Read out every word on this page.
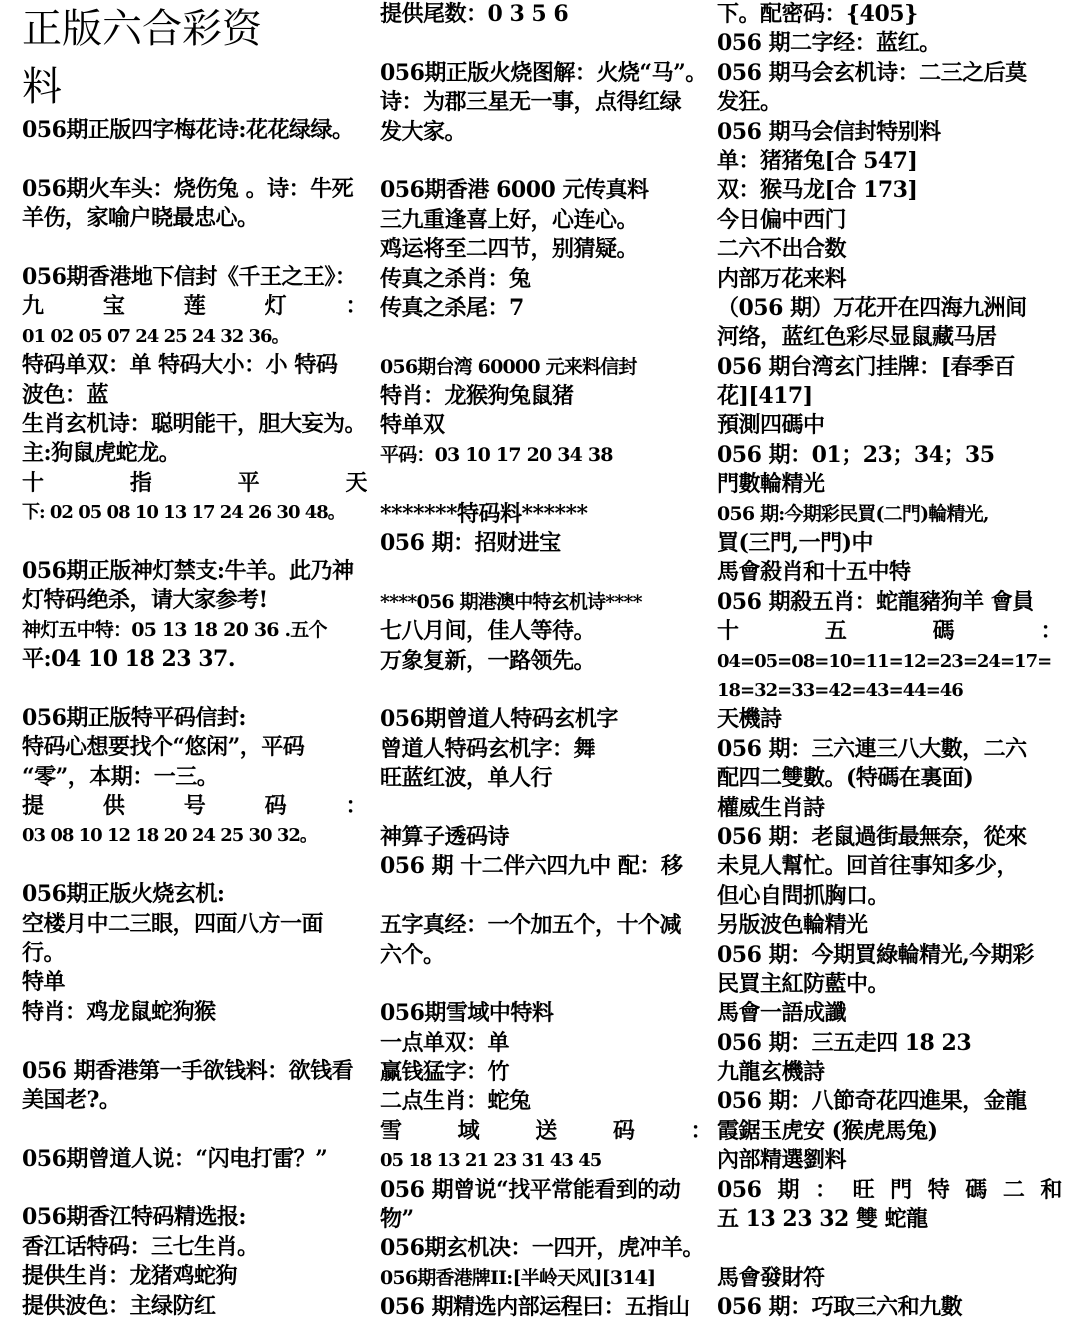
正版六合彩资
料
056期正版四字梅花诗:花花绿绿。
056期火车头：烧伤兔 。诗：牛死
羊伤，家喻户晓最忠心。
056期香港地下信封《千王之王》：
九	宝	莲	灯	：
01 02 05 07 24 25 24 32 36。
特码单双：单 特码大小：小 特码
波色：蓝
生肖玄机诗：聪明能干，胆大妄为。
主:狗鼠虎蛇龙。
十	指	平	天
下: 02 05 08 10 13 17 24 26 30 48。
056期正版神灯禁支:牛羊。此乃神
灯特码绝杀，请大家参考!
神灯五中特：05 13 18 20 36 .五个
平:04 10 18 23 37.
056期正版特平码信封:
特码心想要找个“悠闲”，平码
“零”，本期：一三。
提	供	号	码	：
03 08 10 12 18 20 24 25 30 32。
056期正版火烧玄机:
空楼月中二三眼，四面八方一面
行。
特单
特肖：鸡龙鼠蛇狗猴
056 期香港第一手欲钱料：欲钱看
美国老?。
056期曾道人说：“闪电打雷？”
056期香江特码精选报:
香江话特码：三七生肖。
提供生肖：龙猪鸡蛇狗
提供波色：主绿防红
提供尾数：0 3 5 6
056期正版火烧图解：火烧“马”。
诗：为郡三星无一事，点得红绿
发大家。
056期香港 6000 元传真料
三九重逢喜上好，心连心。
鸡运将至二四节，别猜疑。
传真之杀肖：兔
传真之杀尾：7
056期台湾 60000 元来料信封
特肖：龙猴狗兔鼠猪
特单双
平码：03 10 17 20 34 38
*******特码料******
056 期：招财进宝
****056 期港澳中特玄机诗****
七八月间，佳人等待。
万象复新，一路领先。
056期曾道人特码玄机字
曾道人特码玄机字：舞
旺蓝红波，单人行
神算子透码诗
056 期 十二伴六四九中 配：移
五字真经：一个加五个，十个减
六个。
056期雪域中特料
一点单双：单
赢钱猛字：竹
二点生肖：蛇兔
雪	域	送	码	：
05 18 13 21 23 31 43 45
056 期曾说“找平常能看到的动
物”
056期玄机决：一四开，虎冲羊。
056期香港牌II:[半岭天风][314]
056 期精选内部运程曰：五指山
下。配密码：{405}
056 期二字经：蓝红。
056 期马会玄机诗：二三之后莫
发狂。
056 期马会信封特别料
单：猪猪兔[合 547]
双：猴马龙[合 173]
今日偏中西门
二六不出合数
内部万花来料
（056 期）万花开在四海九洲间
河络，蓝红色彩尽显鼠藏马居
056 期台湾玄门挂牌：[春季百
花][417]
預測四碼中
056 期：01；23；34；35
門數輪精光
056 期:今期彩民買(二門)輪精光,
買(三門,一門)中
馬會殺肖和十五中特
056 期殺五肖：蛇龍豬狗羊 會員
十	五	碼	：
04=05=08=10=11=12=23=24=17=
18=32=33=42=43=44=46
天機詩
056 期：三六連三八大數，二六
配四二雙數。(特碼在裏面)
權威生肖詩
056 期：老鼠過街最無奈，從來
未見人幫忙。回首往事知多少，
但心自問抓胸口。
另版波色輪精光
056 期：今期買綠輪精光,今期彩
民買主紅防藍中。
馬會一語成讖
056 期：三五走四 18 23
九龍玄機詩
056 期：八節奇花四進果，金龍
霞鋸玉虎安 (猴虎馬兔)
內部精選劉料
056 期 ： 旺 門 特 碼 二 和
五 13 23 32 雙 蛇龍
馬會發財符
056 期：巧取三六和九數
